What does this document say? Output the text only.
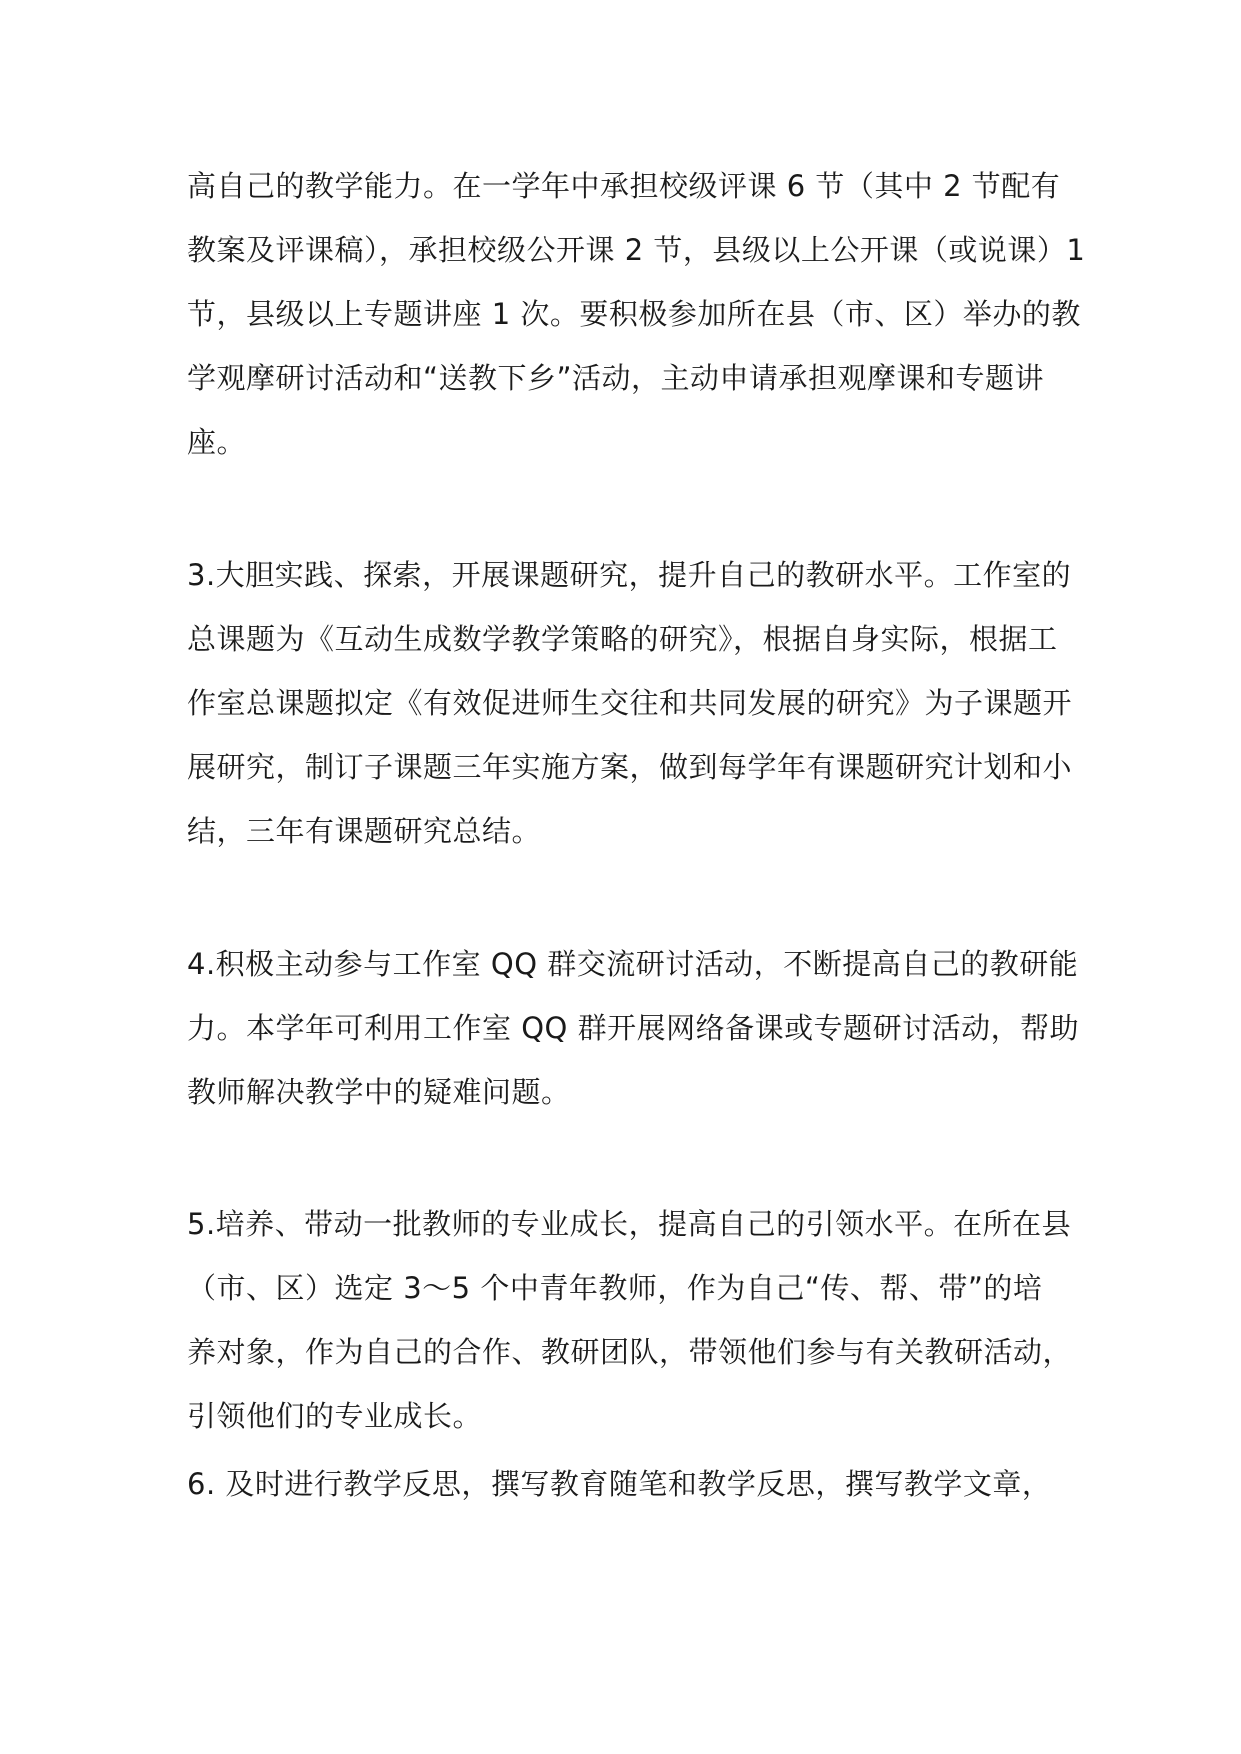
高自己的教学能力。在一学年中承担校级评课 6 节（其中 2 节配有
教案及评课稿），承担校级公开课 2 节，县级以上公开课（或说课）1
节，县级以上专题讲座 1 次。要积极参加所在县（市、区）举办的教
学观摩研讨活动和“送教下乡”活动，主动申请承担观摩课和专题讲
座。
3.大胆实践、探索，开展课题研究，提升自己的教研水平。工作室的
总课题为《互动生成数学教学策略的研究》，根据自身实际，根据工
作室总课题拟定《有效促进师生交往和共同发展的研究》为子课题开
展研究，制订子课题三年实施方案，做到每学年有课题研究计划和小
结，三年有课题研究总结。
4.积极主动参与工作室 QQ 群交流研讨活动，不断提高自己的教研能
力。本学年可利用工作室 QQ 群开展网络备课或专题研讨活动，帮助
教师解决教学中的疑难问题。
5.培养、带动一批教师的专业成长，提高自己的引领水平。在所在县
（市、区）选定 3～5 个中青年教师，作为自己“传、帮、带”的培
养对象，作为自己的合作、教研团队，带领他们参与有关教研活动，
引领他们的专业成长。
6. 及时进行教学反思，撰写教育随笔和教学反思，撰写教学文章，
